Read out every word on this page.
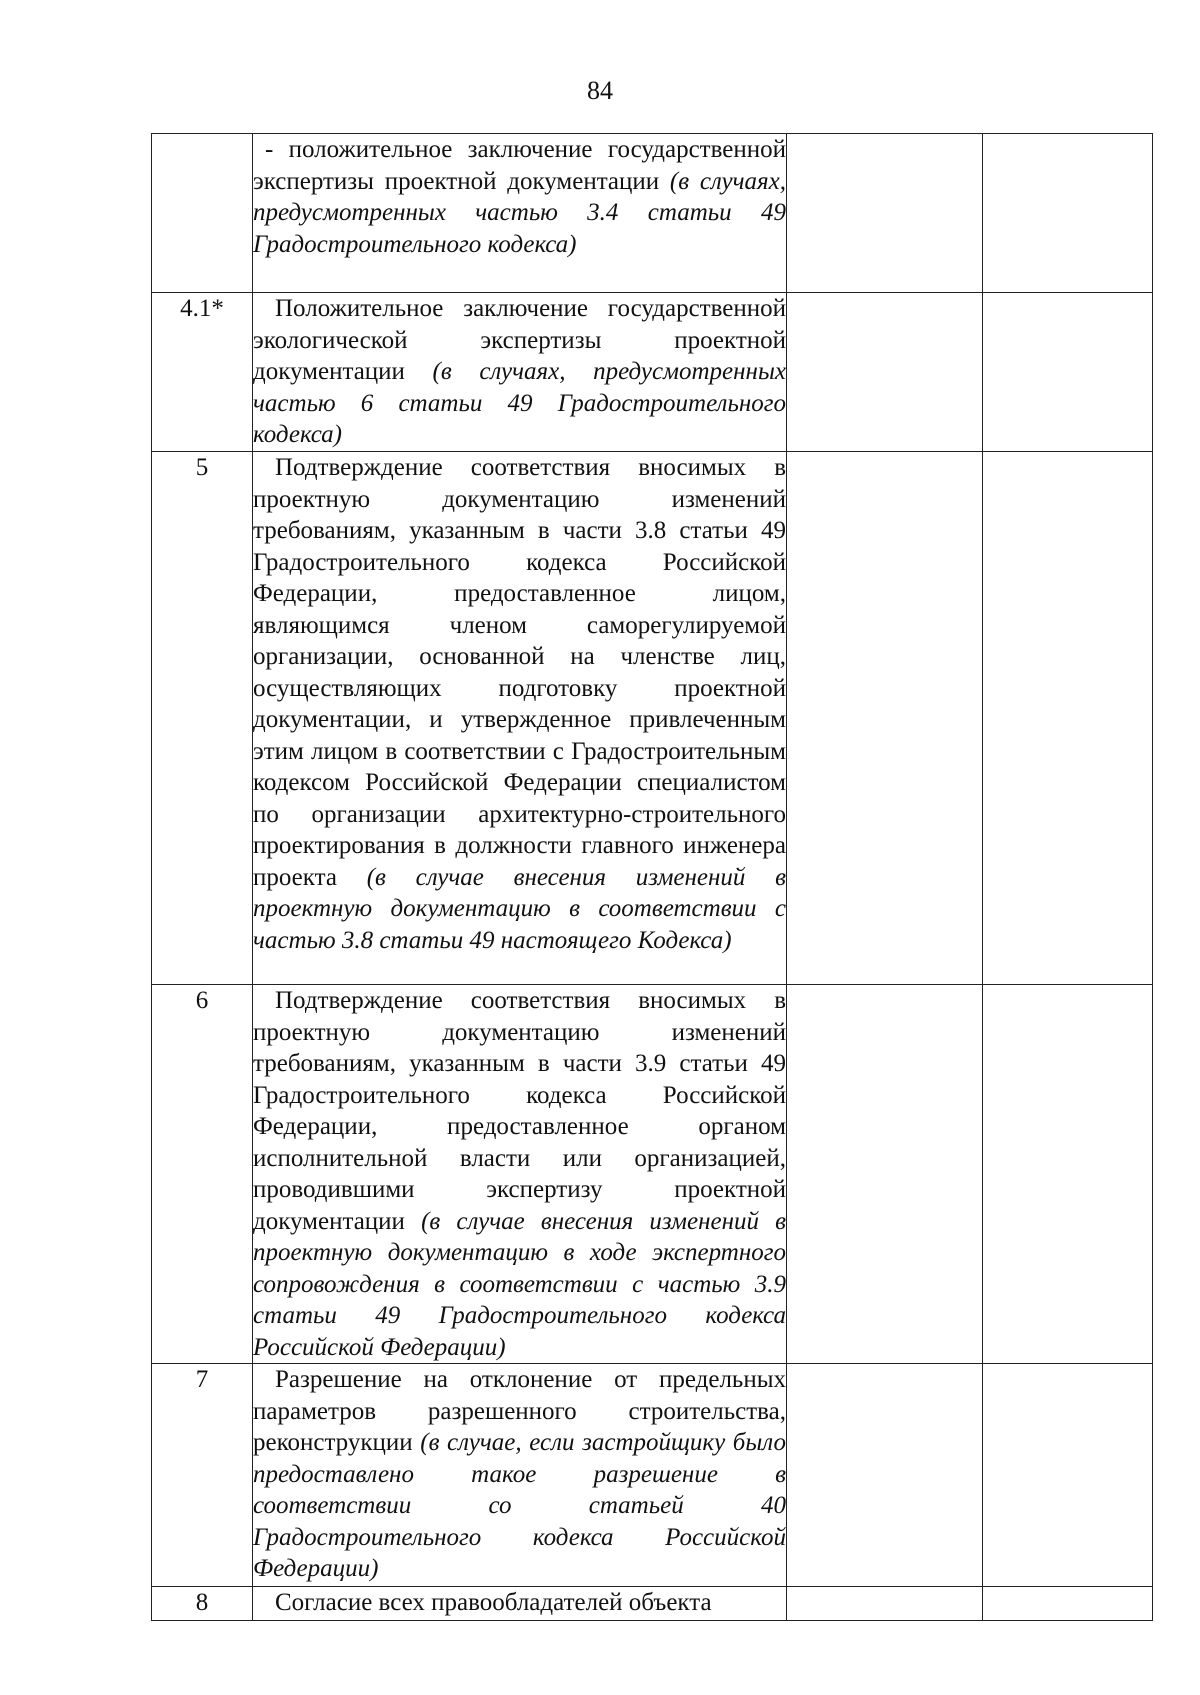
84
	- положительное заключение государственной экспертизы проектной документации (в случаях, предусмотренных частью 3.4 статьи 49 Градостроительного кодекса)		
4.1*	Положительное заключение государственной экологической экспертизы проектной документации (в случаях, предусмотренных частью 6 статьи 49 Градостроительного кодекса)		
5	Подтверждение соответствия вносимых в проектную документацию изменений требованиям, указанным в части 3.8 статьи 49 Градостроительного кодекса Российской Федерации, предоставленное лицом, являющимся членом саморегулируемой организации, основанной на членстве лиц, осуществляющих подготовку проектной документации, и утвержденное привлеченным этим лицом в соответствии с Градостроительным кодексом Российской Федерации специалистом по организации архитектурно-строительного проектирования в должности главного инженера проекта (в случае внесения изменений в проектную документацию в соответствии с частью 3.8 статьи 49 настоящего Кодекса)		
6	Подтверждение соответствия вносимых в проектную документацию изменений требованиям, указанным в части 3.9 статьи 49 Градостроительного кодекса Российской Федерации, предоставленное органом исполнительной власти или организацией, проводившими экспертизу проектной документации (в случае внесения изменений в проектную документацию в ходе экспертного сопровождения в соответствии с частью 3.9 статьи 49 Градостроительного кодекса Российской Федерации)		
7	Разрешение на отклонение от предельных параметров разрешенного строительства, реконструкции (в случае, если застройщику было предоставлено такое разрешение в соответствии со статьей 40 Градостроительного кодекса Российской Федерации)		
8	Согласие всех правообладателей объекта		
